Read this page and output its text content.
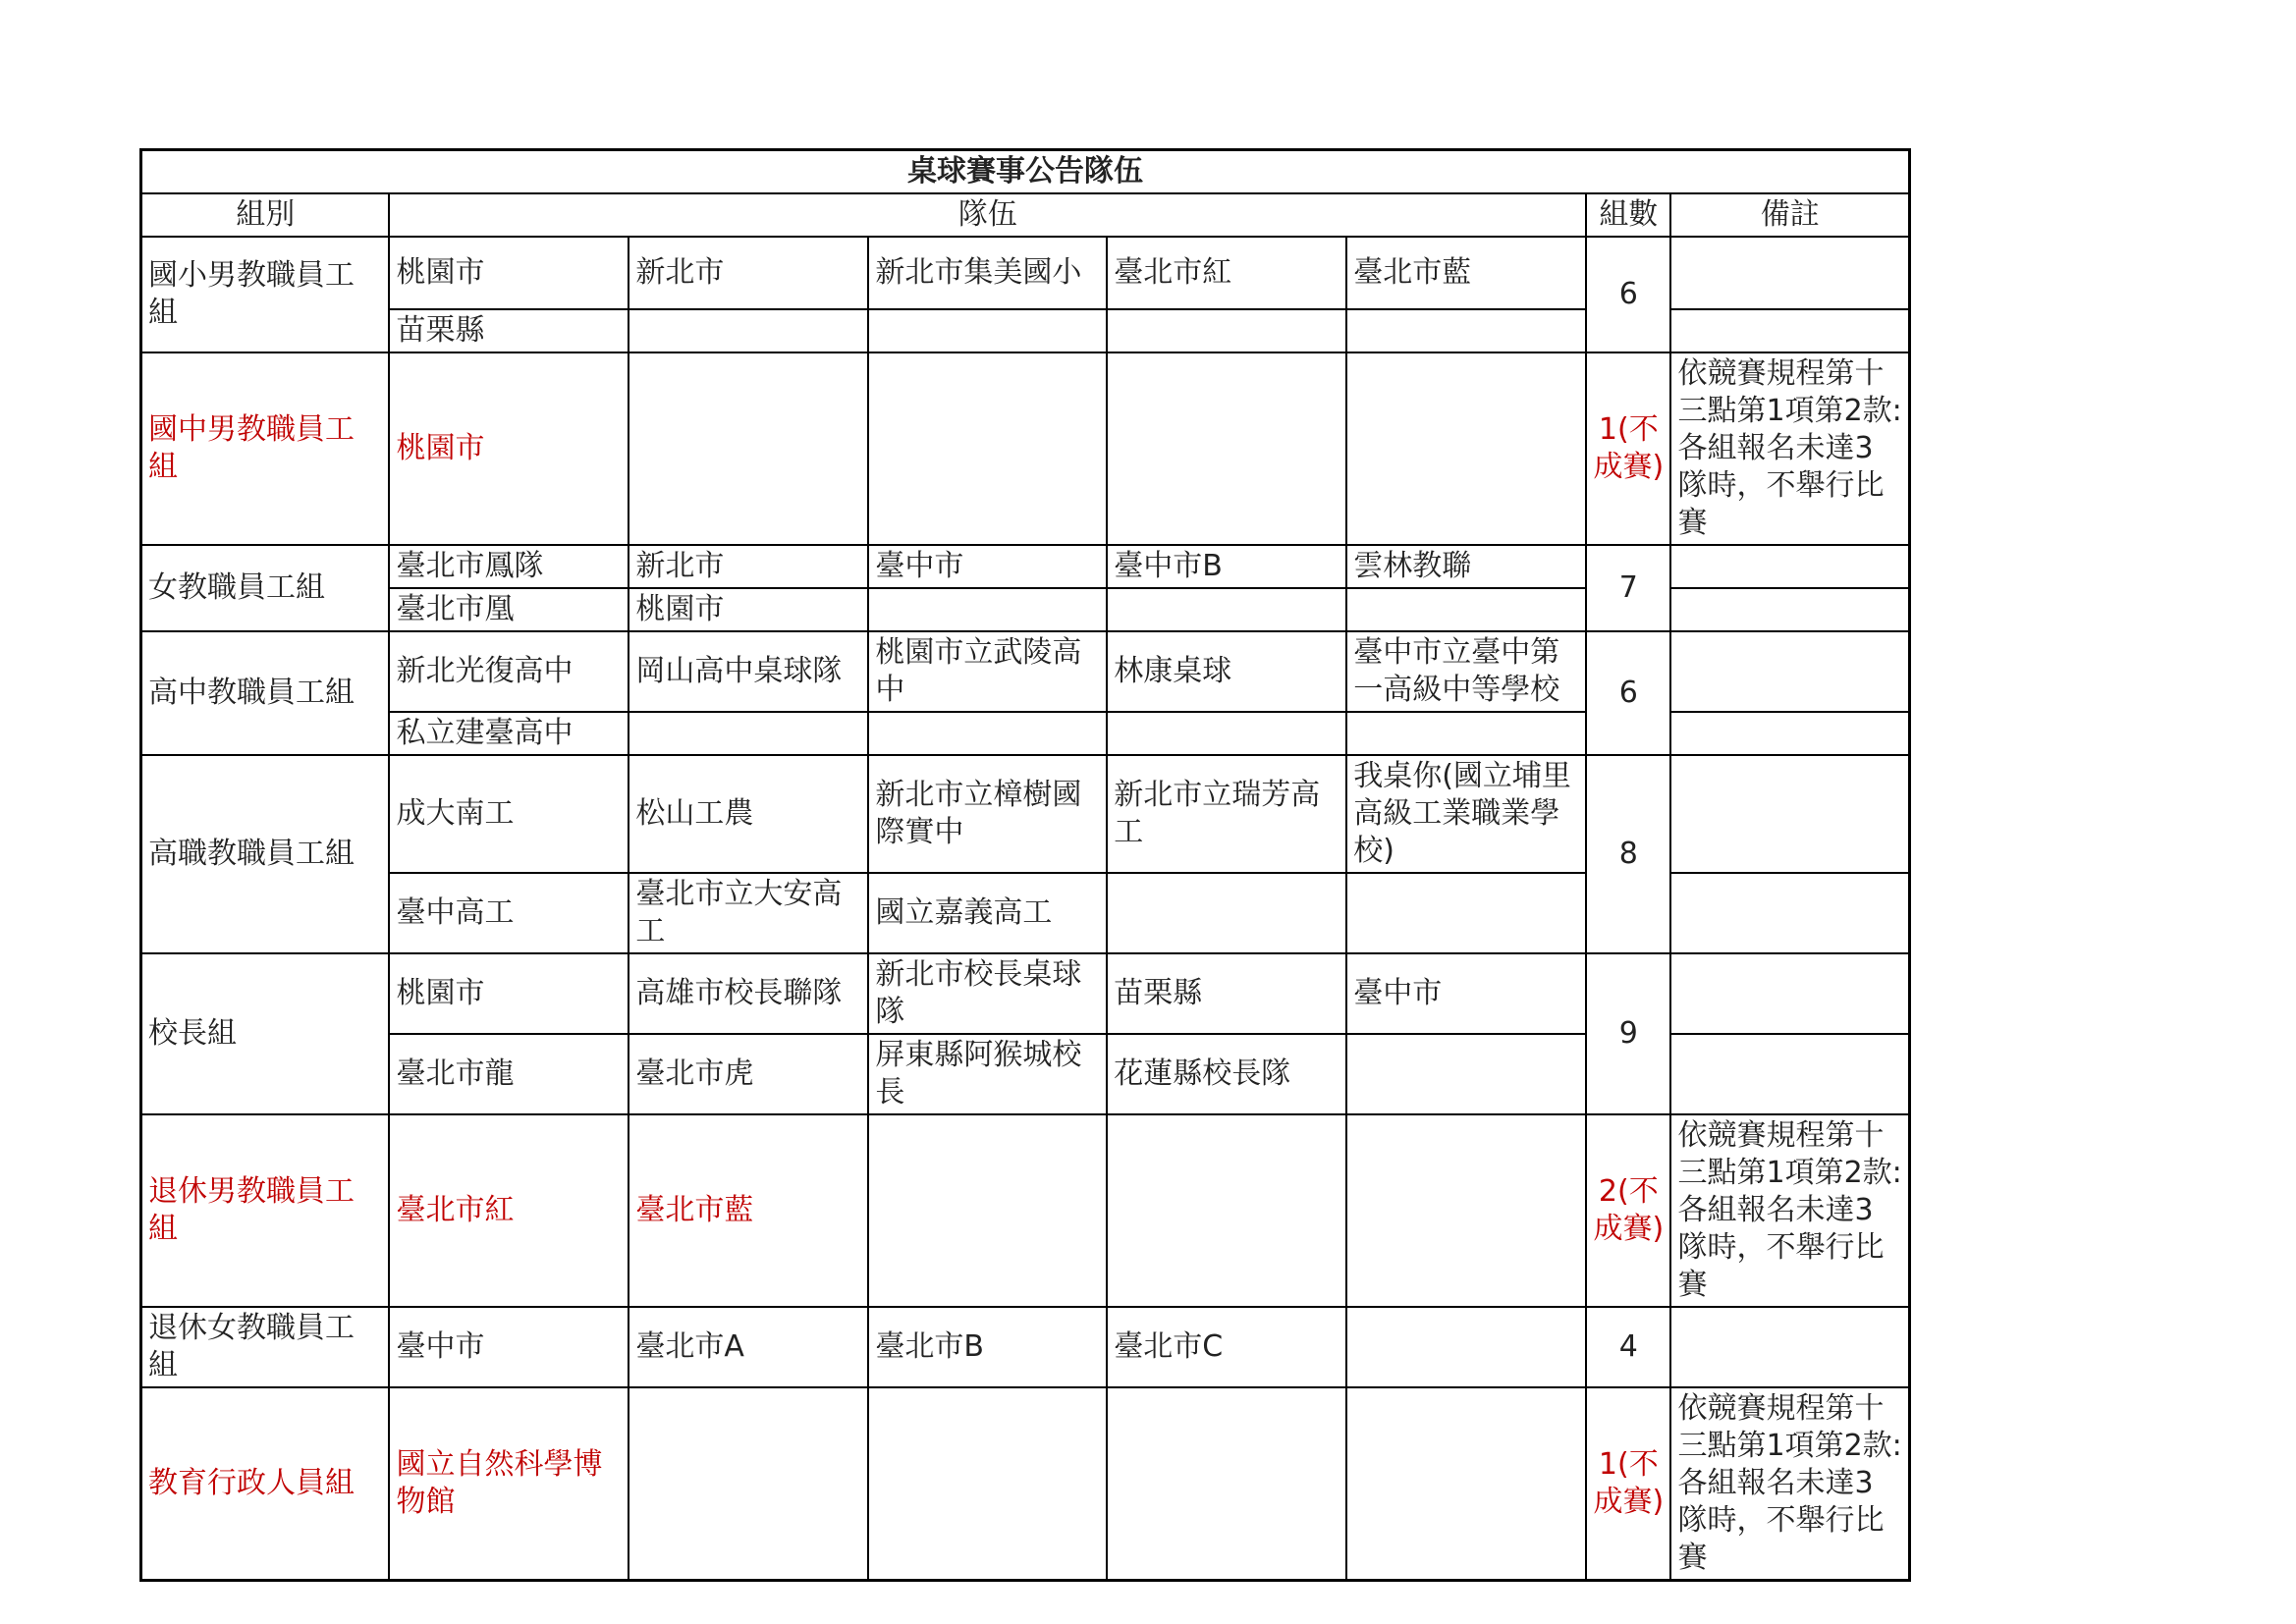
桌球賽事公告隊伍							
組別	隊伍					組數	備註
國小男教職員工組	桃園市	新北市	新北市集美國小	臺北市紅	臺北市藍	6	
	苗栗縣						
國中男教職員工組	桃園市					1(不成賽)	依競賽規程第十三點第1項第2款:各組報名未達3隊時，不舉行比賽
女教職員工組	臺北市鳳隊	新北市	臺中市	臺中市B	雲林教聯	7	
	臺北市凰	桃園市					
高中教職員工組	新北光復高中	岡山高中桌球隊	桃園市立武陵高中	林康桌球	臺中市立臺中第一高級中等學校	6	
	私立建臺高中						
高職教職員工組	成大南工	松山工農	新北市立樟樹國際實中	新北市立瑞芳高工	我桌你(國立埔里高級工業職業學校)	8	
	臺中高工	臺北市立大安高工	國立嘉義高工				
校長組	桃園市	高雄市校長聯隊	新北市校長桌球隊	苗栗縣	臺中市	9	
	臺北市龍	臺北市虎	屏東縣阿猴城校長	花蓮縣校長隊			
退休男教職員工組	臺北市紅	臺北市藍				2(不成賽)	依競賽規程第十三點第1項第2款:各組報名未達3隊時，不舉行比賽
退休女教職員工組	臺中市	臺北市A	臺北市B	臺北市C		4	
教育行政人員組	國立自然科學博物館					1(不成賽)	依競賽規程第十三點第1項第2款:各組報名未達3隊時，不舉行比賽
